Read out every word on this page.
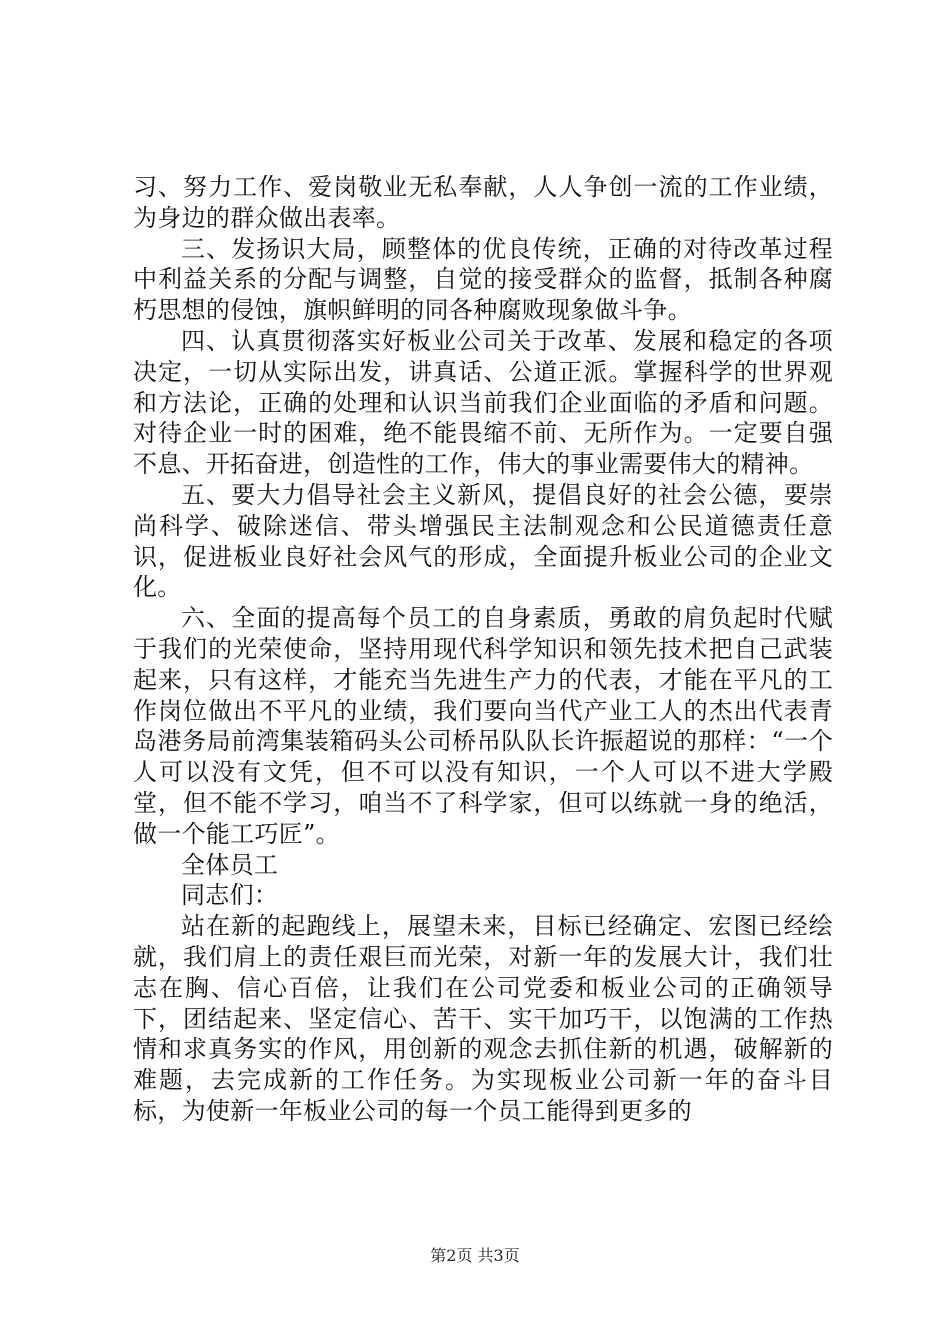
习、努力工作、爱岗敬业无私奉献，人人争创一流的工作业绩，为身边的群众做出表率。

三、发扬识大局，顾整体的优良传统，正确的对待改革过程中利益关系的分配与调整，自觉的接受群众的监督，抵制各种腐朽思想的侵蚀，旗帜鲜明的同各种腐败现象做斗争。

四、认真贯彻落实好板业公司关于改革、发展和稳定的各项决定，一切从实际出发，讲真话、公道正派。掌握科学的世界观和方法论，正确的处理和认识当前我们企业面临的矛盾和问题。对待企业一时的困难，绝不能畏缩不前、无所作为。一定要自强不息、开拓奋进，创造性的工作，伟大的事业需要伟大的精神。

五、要大力倡导社会主义新风，提倡良好的社会公德，要崇尚科学、破除迷信、带头增强民主法制观念和公民道德责任意识，促进板业良好社会风气的形成，全面提升板业公司的企业文化。

六、全面的提高每个员工的自身素质，勇敢的肩负起时代赋于我们的光荣使命，坚持用现代科学知识和领先技术把自己武装起来，只有这样，才能充当先进生产力的代表，才能在平凡的工作岗位做出不平凡的业绩，我们要向当代产业工人的杰出代表青岛港务局前湾集装箱码头公司桥吊队队长许振超说的那样：“一个人可以没有文凭，但不可以没有知识，一个人可以不进大学殿堂，但不能不学习，咱当不了科学家，但可以练就一身的绝活，做一个能工巧匠”。

全体员工

同志们：

站在新的起跑线上，展望未来，目标已经确定、宏图已经绘就，我们肩上的责任艰巨而光荣，对新一年的发展大计，我们壮志在胸、信心百倍，让我们在公司党委和板业公司的正确领导下，团结起来、坚定信心、苦干、实干加巧干，以饱满的工作热情和求真务实的作风，用创新的观念去抓住新的机遇，破解新的难题，去完成新的工作任务。为实现板业公司新一年的奋斗目标，为使新一年板业公司的每一个员工能得到更多的

第2页 共3页
